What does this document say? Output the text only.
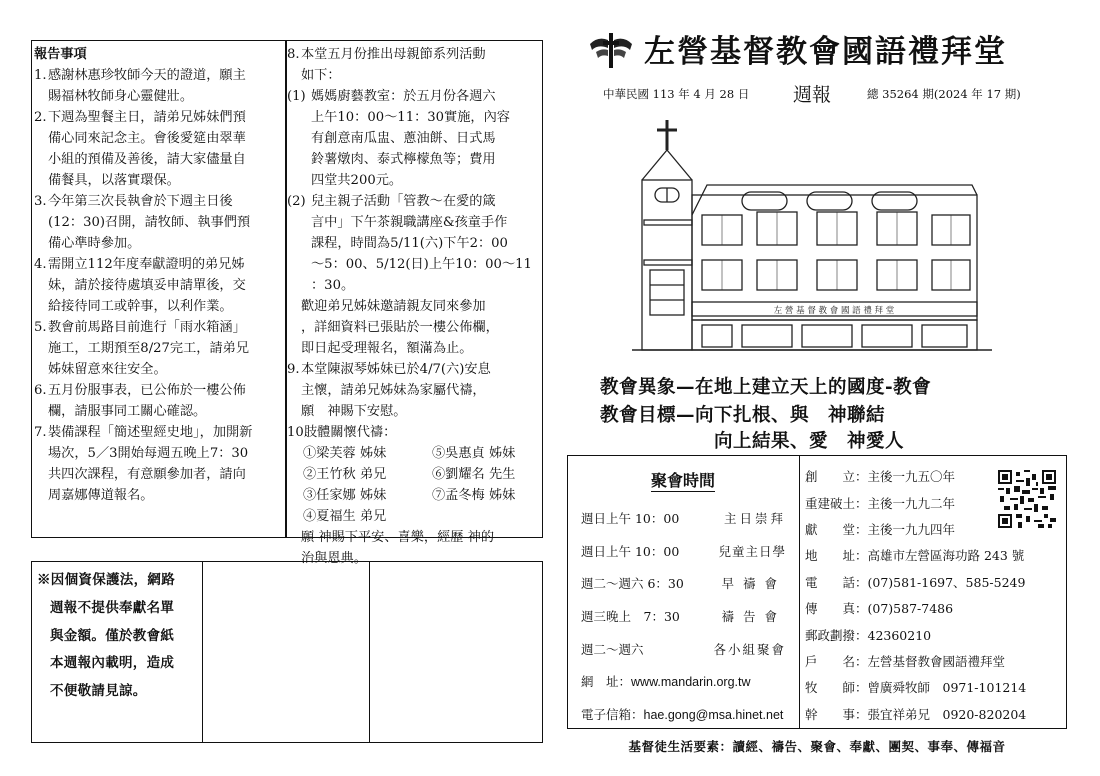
報告事項
1. 感謝林惠珍牧師今天的證道，願主
賜福林牧師身心靈健壯。
2. 下週為聖餐主日，請弟兄姊妹們預
備心同來記念主。會後愛筵由翠華
小組的預備及善後，請大家儘量自
備餐具，以落實環保。
3. 今年第三次長執會於下週主日後
(12：30)召開，請牧師、執事們預
備心準時參加。
4. 需開立112年度奉獻證明的弟兄姊
妹，請於接待處填妥申請單後，交
給接待同工或幹事，以利作業。
5. 教會前馬路目前進行「雨水箱涵」
施工，工期預至8/27完工，請弟兄
姊妹留意來往安全。
6. 五月份服事表，已公佈於一樓公佈
欄，請服事同工關心確認。
7. 裝備課程「簡述聖經史地」，加開新
場次，5／3開始每週五晚上7：30
共四次課程，有意願參加者，請向
周嘉娜傳道報名。
8. 本堂五月份推出母親節系列活動
如下：
(1) 媽媽廚藝教室：於五月份各週六
上午10：00～11：30實施，內容
有創意南瓜盅、蔥油餅、日式馬
鈴薯燉肉、泰式檸檬魚等；費用
四堂共200元。
(2) 兒主親子活動「管教～在愛的箴
言中」下午茶親職講座&孩童手作
課程，時間為5/11(六)下午2：00
～5：00、5/12(日)上午10：00～11
：30。
歡迎弟兄姊妹邀請親友同來參加
，詳細資料已張貼於一樓公佈欄，
即日起受理報名，額滿為止。
9. 本堂陳淑琴姊妹已於4/7(六)安息
主懷，請弟兄姊妹為家屬代禱，
願　神賜下安慰。
10.
肢體關懷代禱：
①梁芙蓉 姊妹	⑤吳惠貞 姊妹
②王竹秋 弟兄	⑥劉耀名 先生
③任家娜 姊妹	⑦孟冬梅 姊妹
④夏福生 弟兄
願 神賜下平安、喜樂，經歷 神的
治與恩典。
※因個資保護法，網路
週報不提供奉獻名單
與金額。僅於教會紙
本週報內載明，造成
不便敬請見諒。
左營基督教會國語禮拜堂
中華民國 113 年 4 月 28 日 週報	總 35264 期(2024 年 17 期)
左 營 基 督 教 會 國 語 禮 拜 堂
教會異象—在地上建立天上的國度-教會
教會目標—向下扎根、與　神聯結
向上結果、愛　神愛人
聚會時間
週日上午 10：00	主日崇拜
週日上午 10：00	兒童主日學
週二～週六 6：30	早禱會
週三晚上　7：30	禱告會
週二～週六	各小組聚會
網　址：www.mandarin.org.tw
電子信箱：hae.gong@msa.hinet.net
創　　立：主後一九五〇年
重建破土：主後一九九二年
獻　　堂：主後一九九四年
地　　址：高雄市左營區海功路 243 號
電　　話：(07)581-1697、585-5249
傳　　真：(07)587-7486
郵政劃撥：42360210
戶　　名：左營基督教會國語禮拜堂
牧　　師：曾廣舜牧師　0971-101214
幹　　事：張宜祥弟兄　0920-820204
基督徒生活要素：讀經、禱告、聚會、奉獻、團契、事奉、傳福音
